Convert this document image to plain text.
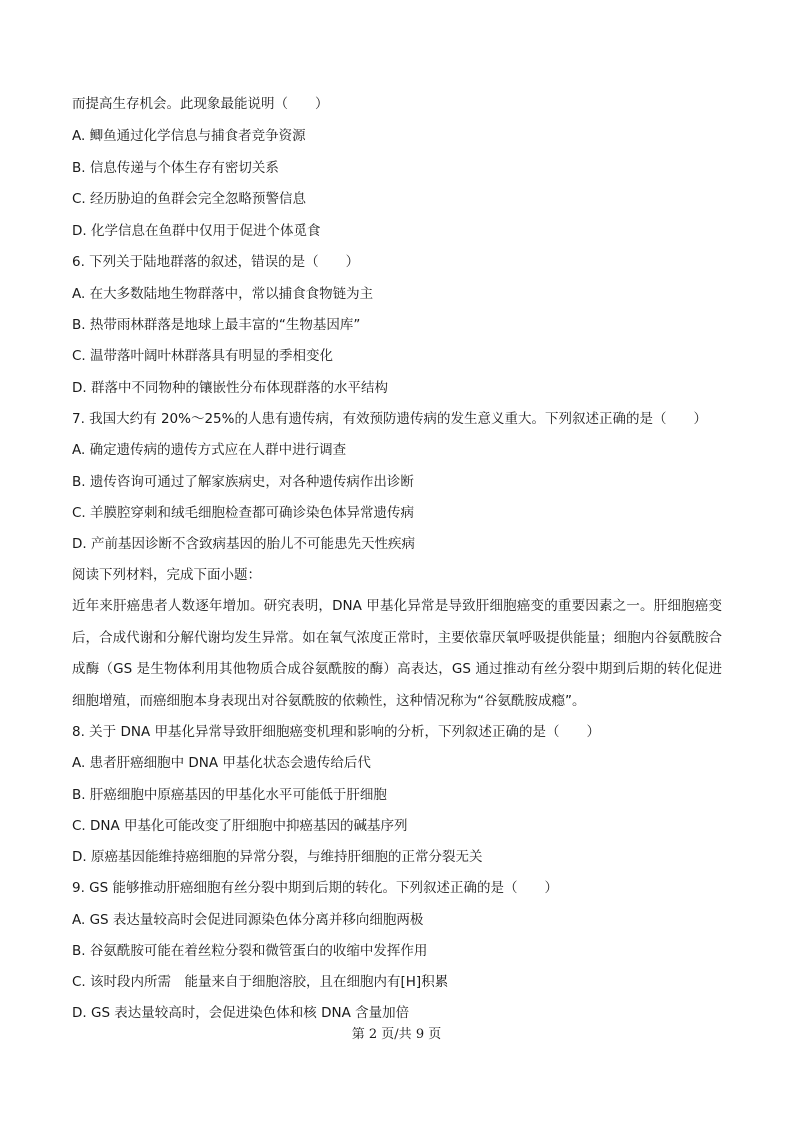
而提高生存机会。此现象最能说明（　　）
A. 鲫鱼通过化学信息与捕食者竞争资源
B. 信息传递与个体生存有密切关系
C. 经历胁迫的鱼群会完全忽略预警信息
D. 化学信息在鱼群中仅用于促进个体觅食
6. 下列关于陆地群落的叙述，错误的是（　　）
A. 在大多数陆地生物群落中，常以捕食食物链为主
B. 热带雨林群落是地球上最丰富的“生物基因库”
C. 温带落叶阔叶林群落具有明显的季相变化
D. 群落中不同物种的镶嵌性分布体现群落的水平结构
7. 我国大约有 20%～25%的人患有遗传病，有效预防遗传病的发生意义重大。下列叙述正确的是（　　）
A. 确定遗传病的遗传方式应在人群中进行调查
B. 遗传咨询可通过了解家族病史，对各种遗传病作出诊断
C. 羊膜腔穿刺和绒毛细胞检查都可确诊染色体异常遗传病
D. 产前基因诊断不含致病基因的胎儿不可能患先天性疾病
阅读下列材料，完成下面小题：
近年来肝癌患者人数逐年增加。研究表明，DNA 甲基化异常是导致肝细胞癌变的重要因素之一。肝细胞癌变后，合成代谢和分解代谢均发生异常。如在氧气浓度正常时，主要依靠厌氧呼吸提供能量；细胞内谷氨酰胺合成酶（GS 是生物体利用其他物质合成谷氨酰胺的酶）高表达，GS 通过推动有丝分裂中期到后期的转化促进细胞增殖，而癌细胞本身表现出对谷氨酰胺的依赖性，这种情况称为“谷氨酰胺成瘾”。
8. 关于 DNA 甲基化异常导致肝细胞癌变机理和影响的分析，下列叙述正确的是（　　）
A. 患者肝癌细胞中 DNA 甲基化状态会遗传给后代
B. 肝癌细胞中原癌基因的甲基化水平可能低于肝细胞
C. DNA 甲基化可能改变了肝细胞中抑癌基因的碱基序列
D. 原癌基因能维持癌细胞的异常分裂，与维持肝细胞的正常分裂无关
9. GS 能够推动肝癌细胞有丝分裂中期到后期的转化。下列叙述正确的是（　　）
A. GS 表达量较高时会促进同源染色体分离并移向细胞两极
B. 谷氨酰胺可能在着丝粒分裂和微管蛋白的收缩中发挥作用
C. 该时段内所需　能量来自于细胞溶胶，且在细胞内有[H]积累
D. GS 表达量较高时，会促进染色体和核 DNA 含量加倍
第 2 页/共 9 页
